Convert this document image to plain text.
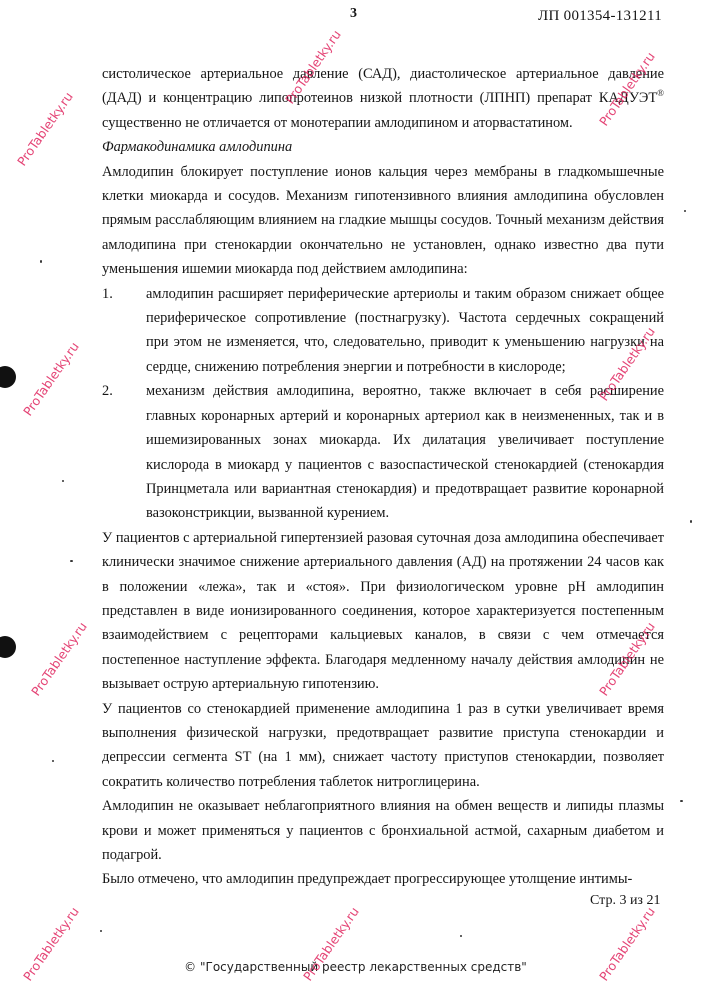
3	ЛП 001354-131211

систолическое артериальное давление (САД), диастолическое артериальное давление (ДАД) и концентрацию липопротеинов низкой плотности (ЛПНП) препарат КАДУЭТ® существенно не отличается от монотерапии амлодипином и аторвастатином.

Фармакодинамика амлодипина

Амлодипин блокирует поступление ионов кальция через мембраны в гладкомышечные клетки миокарда и сосудов. Механизм гипотензивного влияния амлодипина обусловлен прямым расслабляющим влиянием на гладкие мышцы сосудов. Точный механизм действия амлодипина при стенокардии окончательно не установлен, однако известно два пути уменьшения ишемии миокарда под действием амлодипина:

1.	амлодипин расширяет периферические артериолы и таким образом снижает общее периферическое сопротивление (постнагрузку). Частота сердечных сокращений при этом не изменяется, что, следовательно, приводит к уменьшению нагрузки на сердце, снижению потребления энергии и потребности в кислороде;

2.	механизм действия амлодипина, вероятно, также включает в себя расширение главных коронарных артерий и коронарных артериол как в неизмененных, так и в ишемизированных зонах миокарда. Их дилатация увеличивает поступление кислорода в миокард у пациентов с вазоспастической стенокардией (стенокардия Принцметала или вариантная стенокардия) и предотвращает развитие коронарной вазоконстрикции, вызванной курением.

У пациентов с артериальной гипертензией разовая суточная доза амлодипина обеспечивает клинически значимое снижение артериального давления (АД) на протяжении 24 часов как в положении «лежа», так и «стоя». При физиологическом уровне pH амлодипин представлен в виде ионизированного соединения, которое характеризуется постепенным взаимодействием с рецепторами кальциевых каналов, в связи с чем отмечается постепенное наступление эффекта. Благодаря медленному началу действия амлодипин не вызывает острую артериальную гипотензию.

У пациентов со стенокардией применение амлодипина 1 раз в сутки увеличивает время выполнения физической нагрузки, предотвращает развитие приступа стенокардии и депрессии сегмента ST (на 1 мм), снижает частоту приступов стенокардии, позволяет сократить количество потребления таблеток нитроглицерина.

Амлодипин не оказывает неблагоприятного влияния на обмен веществ и липиды плазмы крови и может применяться у пациентов с бронхиальной астмой, сахарным диабетом и подагрой.

Было отмечено, что амлодипин предупреждает прогрессирующее утолщение интимы-

Стр. 3 из 21
© "Государственный реестр лекарственных средств"
ProTabletky.ru
ProTabletky.ru	ProTabletky.ru
ProTabletky.ru	ProTabletky.ru
ProTabletky.ru	ProTabletky.ru
ProTabletky.ru	ProTabletky.ru	ProTabletky.ru
